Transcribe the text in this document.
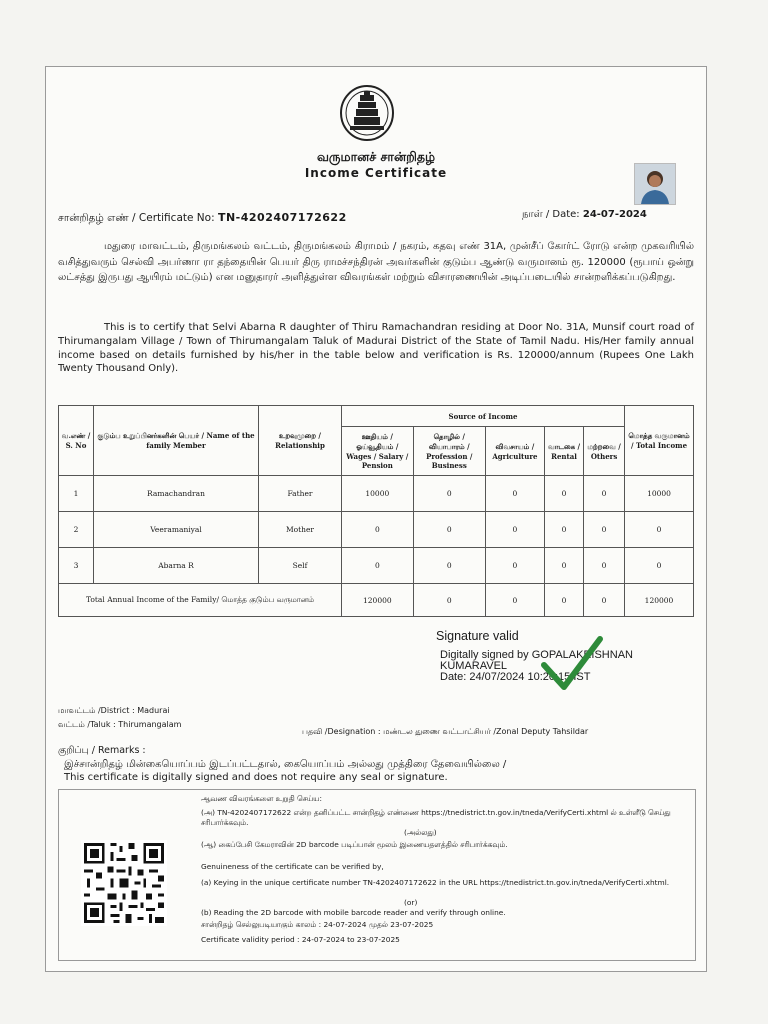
வருமானச் சான்றிதழ்
Income Certificate
சான்றிதழ் எண் / Certificate No: TN-4202407172622	நாள் / Date: 24-07-2024
மதுரை மாவட்டம், திருமங்கலம் வட்டம், திருமங்கலம் கிராமம் / நகரம், கதவு எண் 31A, முன்சீப் கோர்ட் ரோடு என்ற முகவரியில் வசித்துவரும் செல்வி அபர்ணா ரா தந்தையின் பெயர் திரு ராமச்சந்திரன் அவர்களின் குடும்ப ஆண்டு வருமானம் ரூ. 120000 (ரூபாய் ஒன்று லட்சத்து இருபது ஆயிரம் மட்டும்) என மனுதாரர் அளித்துள்ள விவரங்கள் மற்றும் விசாரணையின் அடிப்படையில் சான்றளிக்கப்படுகிறது.
This is to certify that Selvi Abarna R daughter of Thiru Ramachandran residing at Door No. 31A, Munsif court road of Thirumangalam Village / Town of Thirumangalam Taluk of Madurai District of the State of Tamil Nadu. His/Her family annual income based on details furnished by his/her in the table below and verification is Rs. 120000/annum (Rupees One Lakh Twenty Thousand Only).
வ.எண் / S. No	குடும்ப உறுப்பினர்களின் பெயர் / Name of the family Member	உறவுமுறை / Relationship	Source of Income					மொத்த வருமானம் / Total Income
			ஊதியம் / ஓய்வூதியம் / Wages / Salary / Pension	தொழில் / வியாபாரம் / Profession / Business	விவசாயம் / Agriculture	வாடகை / Rental	மற்றவை / Others	
1	Ramachandran	Father	10000	0	0	0	0	10000
2	Veeramaniyal	Mother	0	0	0	0	0	0
3	Abarna R	Self	0	0	0	0	0	0
Total Annual Income of the Family/ மொத்த குடும்ப வருமானம்			120000	0	0	0	0	120000
Signature valid
Digitally signed by GOPALAKRISHNAN
KUMARAVEL
Date: 24/07/2024 10:20:15 IST
மாவட்டம் /District : Madurai
வட்டம் /Taluk : Thirumangalam
பதவி /Designation : மண்டல துணை வட்டாட்சியர் /Zonal Deputy Tahsildar
குறிப்பு / Remarks :
இச்சான்றிதழ் மின்கையொப்பம் இடப்பட்டதால், கையொப்பம் அல்லது முத்திரை தேவையில்லை /
This certificate is digitally signed and does not require any seal or signature.
ஆவண விவரங்களை உறுதி செய்ய:
(அ) TN-4202407172622 என்ற தனிப்பட்ட சான்றிதழ் எண்ணை https://tnedistrict.tn.gov.in/tneda/VerifyCerti.xhtml ல் உள்ளீடு செய்து சரிபார்க்கவும்.
(அல்லது)
(ஆ) கைப்பேசி கேமராவின் 2D barcode படிப்பான் மூலம் இணையதளத்தில் சரிபார்க்கவும்.
Genuineness of the certificate can be verified by,
(a) Keying in the unique certificate number TN-4202407172622 in the URL https://tnedistrict.tn.gov.in/tneda/VerifyCerti.xhtml.
(or)
(b) Reading the 2D barcode with mobile barcode reader and verify through online.
சான்றிதழ் செல்லுபடியாகும் காலம் : 24-07-2024 முதல் 23-07-2025
Certificate validity period : 24-07-2024 to 23-07-2025
